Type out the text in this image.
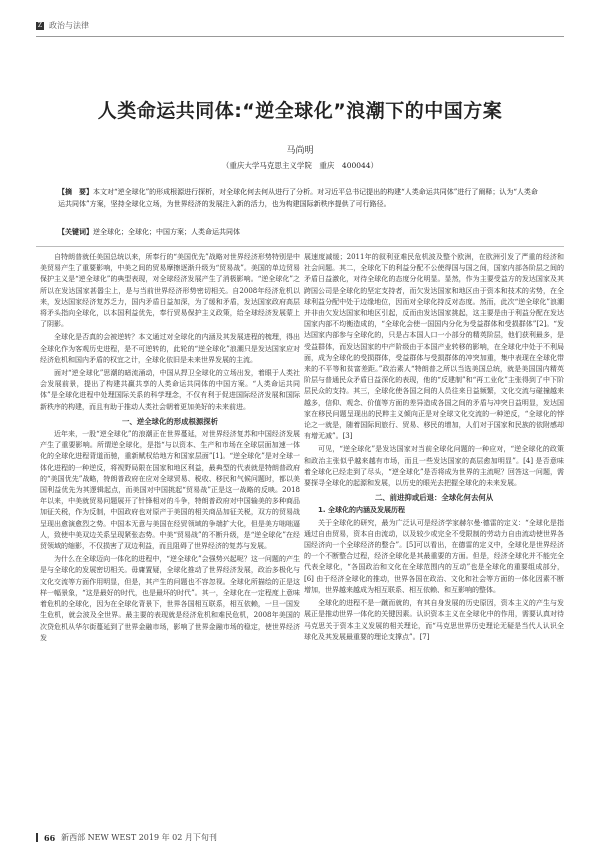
Z 政治与法律
人类命运共同体:“逆全球化”浪潮下的中国方案
马尚明
（重庆大学马克思主义学院　重庆　400044）
【摘　要】本文对“逆全球化”的形成根源进行探析，对全球化何去何从进行了分析。对习近平总书记提出的构建“人类命运共同体”进行了阐释；认为“人类命运共同体”方案，坚持全球化立场，为世界经济的发展注入新的活力，也为构建国际新秩序提供了可行路径。
【关键词】逆全球化；全球化；中国方案；人类命运共同体

自特朗普就任美国总统以来，所奉行的“美国优先”战略对世界经济形势特别是中美贸易产生了重要影响，中美之间的贸易摩擦逐渐升级为“贸易战”。美国的单边贸易保护主义是“逆全球化”的典型表现，对全球经济发展产生了消极影响。“逆全球化”之所以在发达国家甚嚣尘上，是与当前世界经济形势密切相关。自2008年经济危机以来，发达国家经济复苏乏力，国内矛盾日益加深，为了缓和矛盾，发达国家政府高层将矛头指向全球化，以本国利益优先，奉行贸易保护主义政策，给全球经济发展蒙上了阴影。

全球化是否真的会被逆转？本文通过对全球化的内涵及其发展进程的梳理，得出全球化作为客观历史进程，是不可逆转的，此轮的“逆全球化”浪潮只是发达国家应对经济危机和国内矛盾的权宜之计，全球化依旧是未来世界发展的主流。

面对“逆全球化”思潮的暗流涌动，中国从捍卫全球化的立场出发，着眼于人类社会发展前景，提出了构建共赢共享的人类命运共同体的中国方案。“人类命运共同体”是全球化进程中处理国际关系的科学理念，不仅有利于促进国际经济发展和国际新秩序的构建，而且有助于推动人类社会朝着更加美好的未来前进。

一、逆全球化的形成根源探析

近年来，一股“逆全球化”的浪潮正在世界蔓延，对世界经济复苏和中国经济发展产生了重要影响。所谓逆全球化，是指“与以资本、生产和市场在全球层面加速一体化的全球化进程背道而驰，重新赋权给地方和国家层面”[1]。“逆全球化”是对全球一体化进程的一种逆反，将视野局限在国家和地区利益，最典型的代表就是特朗普政府的“美国优先”战略，特朗普政府在应对全球贸易、税收、移民和气候问题时，都以美国利益优先为其逻辑起点，而美国对中国挑起“贸易战”正是这一战略的反映。2018年以来，中美就贸易问题展开了针锋相对的斗争，特朗普政府对中国输美的多种商品加征关税，作为反制，中国政府也对原产于美国的相关商品加征关税，双方的贸易战呈现出愈演愈烈之势。中国本无意与美国在经贸领域的争端扩大化，但是美方咄咄逼人，致使中美双边关系呈现紧张态势。中美“贸易战”的不断升级，是“逆全球化”在经贸领域的缩影，不仅损害了双边利益，而且阻碍了世界经济的复苏与发展。

为什么在全球迈向一体化的进程中，“逆全球化”会强势兴起呢？这一问题的产生是与全球化的发展密切相关。毋庸置疑，全球化推动了世界经济发展，政治多极化与文化交流等方面作用明显，但是，其产生的问题也不容忽视。全球化所描绘的正是这样一幅景象，“这是最好的时代，也是最坏的时代”。其一，全球化在一定程度上意味着危机的全球化，因为在全球化背景下，世界各国相互联系，相互依赖，一旦一国发生危机，就会波及全世界。最主要的表现就是经济危机和难民危机，2008年美国的次贷危机从华尔街蔓延到了世界金融市场，影响了世界金融市场的稳定，使世界经济发

展速度减缓；2011年的叙利亚难民危机波及整个欧洲，在欧洲引发了严重的经济和社会问题。其二，全球化下的利益分配不公使得国与国之间，国家内部各阶层之间的矛盾日益激化，对待全球化的态度分化明显。显然，作为主要受益方的发达国家及其跨国公司是全球化的坚定支持者，而欠发达国家和地区由于资本和技术的劣势，在全球利益分配中处于边缘地位，因而对全球化持反对态度。然而，此次“逆全球化”浪潮并非由欠发达国家和地区引起，反而由发达国家挑起，这主要是由于利益分配在发达国家内部不均衡造成的，“全球化会使一国国内分化为受益群体和受损群体”[2]。“发达国家内部参与全球化的，只是占本国人口一小部分的精英阶层，他们获利最多，是受益群体，而发达国家的中产阶级由于本国产业转移的影响，在全球化中处于不利局面，成为全球化的受损群体，受益群体与受损群体的冲突加重，集中表现在全球化带来的不平等和贫富差距。”政治素人“特朗普之所以当选美国总统，就是美国国内精英阶层与普通民众矛盾日益深化的表现，他的“反建制”和“再工业化”主张得到了中下阶层民众的支持。其三，全球化使各国之间的人员往来日益频繁，文化交流与碰撞越来越多，信仰、观念、价值等方面的差异造成各国之间的矛盾与冲突日益明显，发达国家在移民问题呈现出的民粹主义倾向正是对全球文化交流的一种逆反，“全球化的悖论之一就是，随着国际间旅行、贸易、移民的增加，人们对于国家和民族的依附感却有增无减”。[3]

可见，“逆全球化”是发达国家对当前全球化问题的一种应对，“逆全球化的政策和政治主张似乎越来越有市场，而且一些发达国家的高层愈加明显”。[4] 是否意味着全球化已经走到了尽头，“逆全球化”是否将成为世界的主流呢？回答这一问题，需要探寻全球化的起源和发展，以历史的眼光去把握全球化的未来发展。

二、前进抑或后退：全球化何去何从
1. 全球化的内涵及发展历程

关于全球化的研究，最为广泛认可是经济学家赫尔曼·德雷的定义：“全球化是指通过自由贸易，资本自由流动，以及较少或完全不受限制的劳动力自由流动使世界各国经济向一个全球经济的整合”。[5]可以看出，在德雷的定义中，全球化是世界经济的一个不断整合过程，经济全球化是其最重要的方面。但是，经济全球化并不能完全代表全球化，“各国政治和文化在全球范围内的互动”也是全球化的重要组成部分，[6] 由于经济全球化的推动，世界各国在政治、文化和社会等方面的一体化因素不断增加，世界越来越成为相互联系、相互依赖、和互影响的整体。

全球化的进程不是一蹴而就的，有其自身发展的历史原因，资本主义的产生与发展正是推动世界一体化的关键因素。认识资本主义在全球化中的作用，需要认真对待马克思关于资本主义发展的相关理论，而“马克思世界历史理论无疑是当代人认识全球化及其发展最重要的理论支撑点”。[7]

66 新西部 NEW WEST 2019 年 02 月下旬刊
